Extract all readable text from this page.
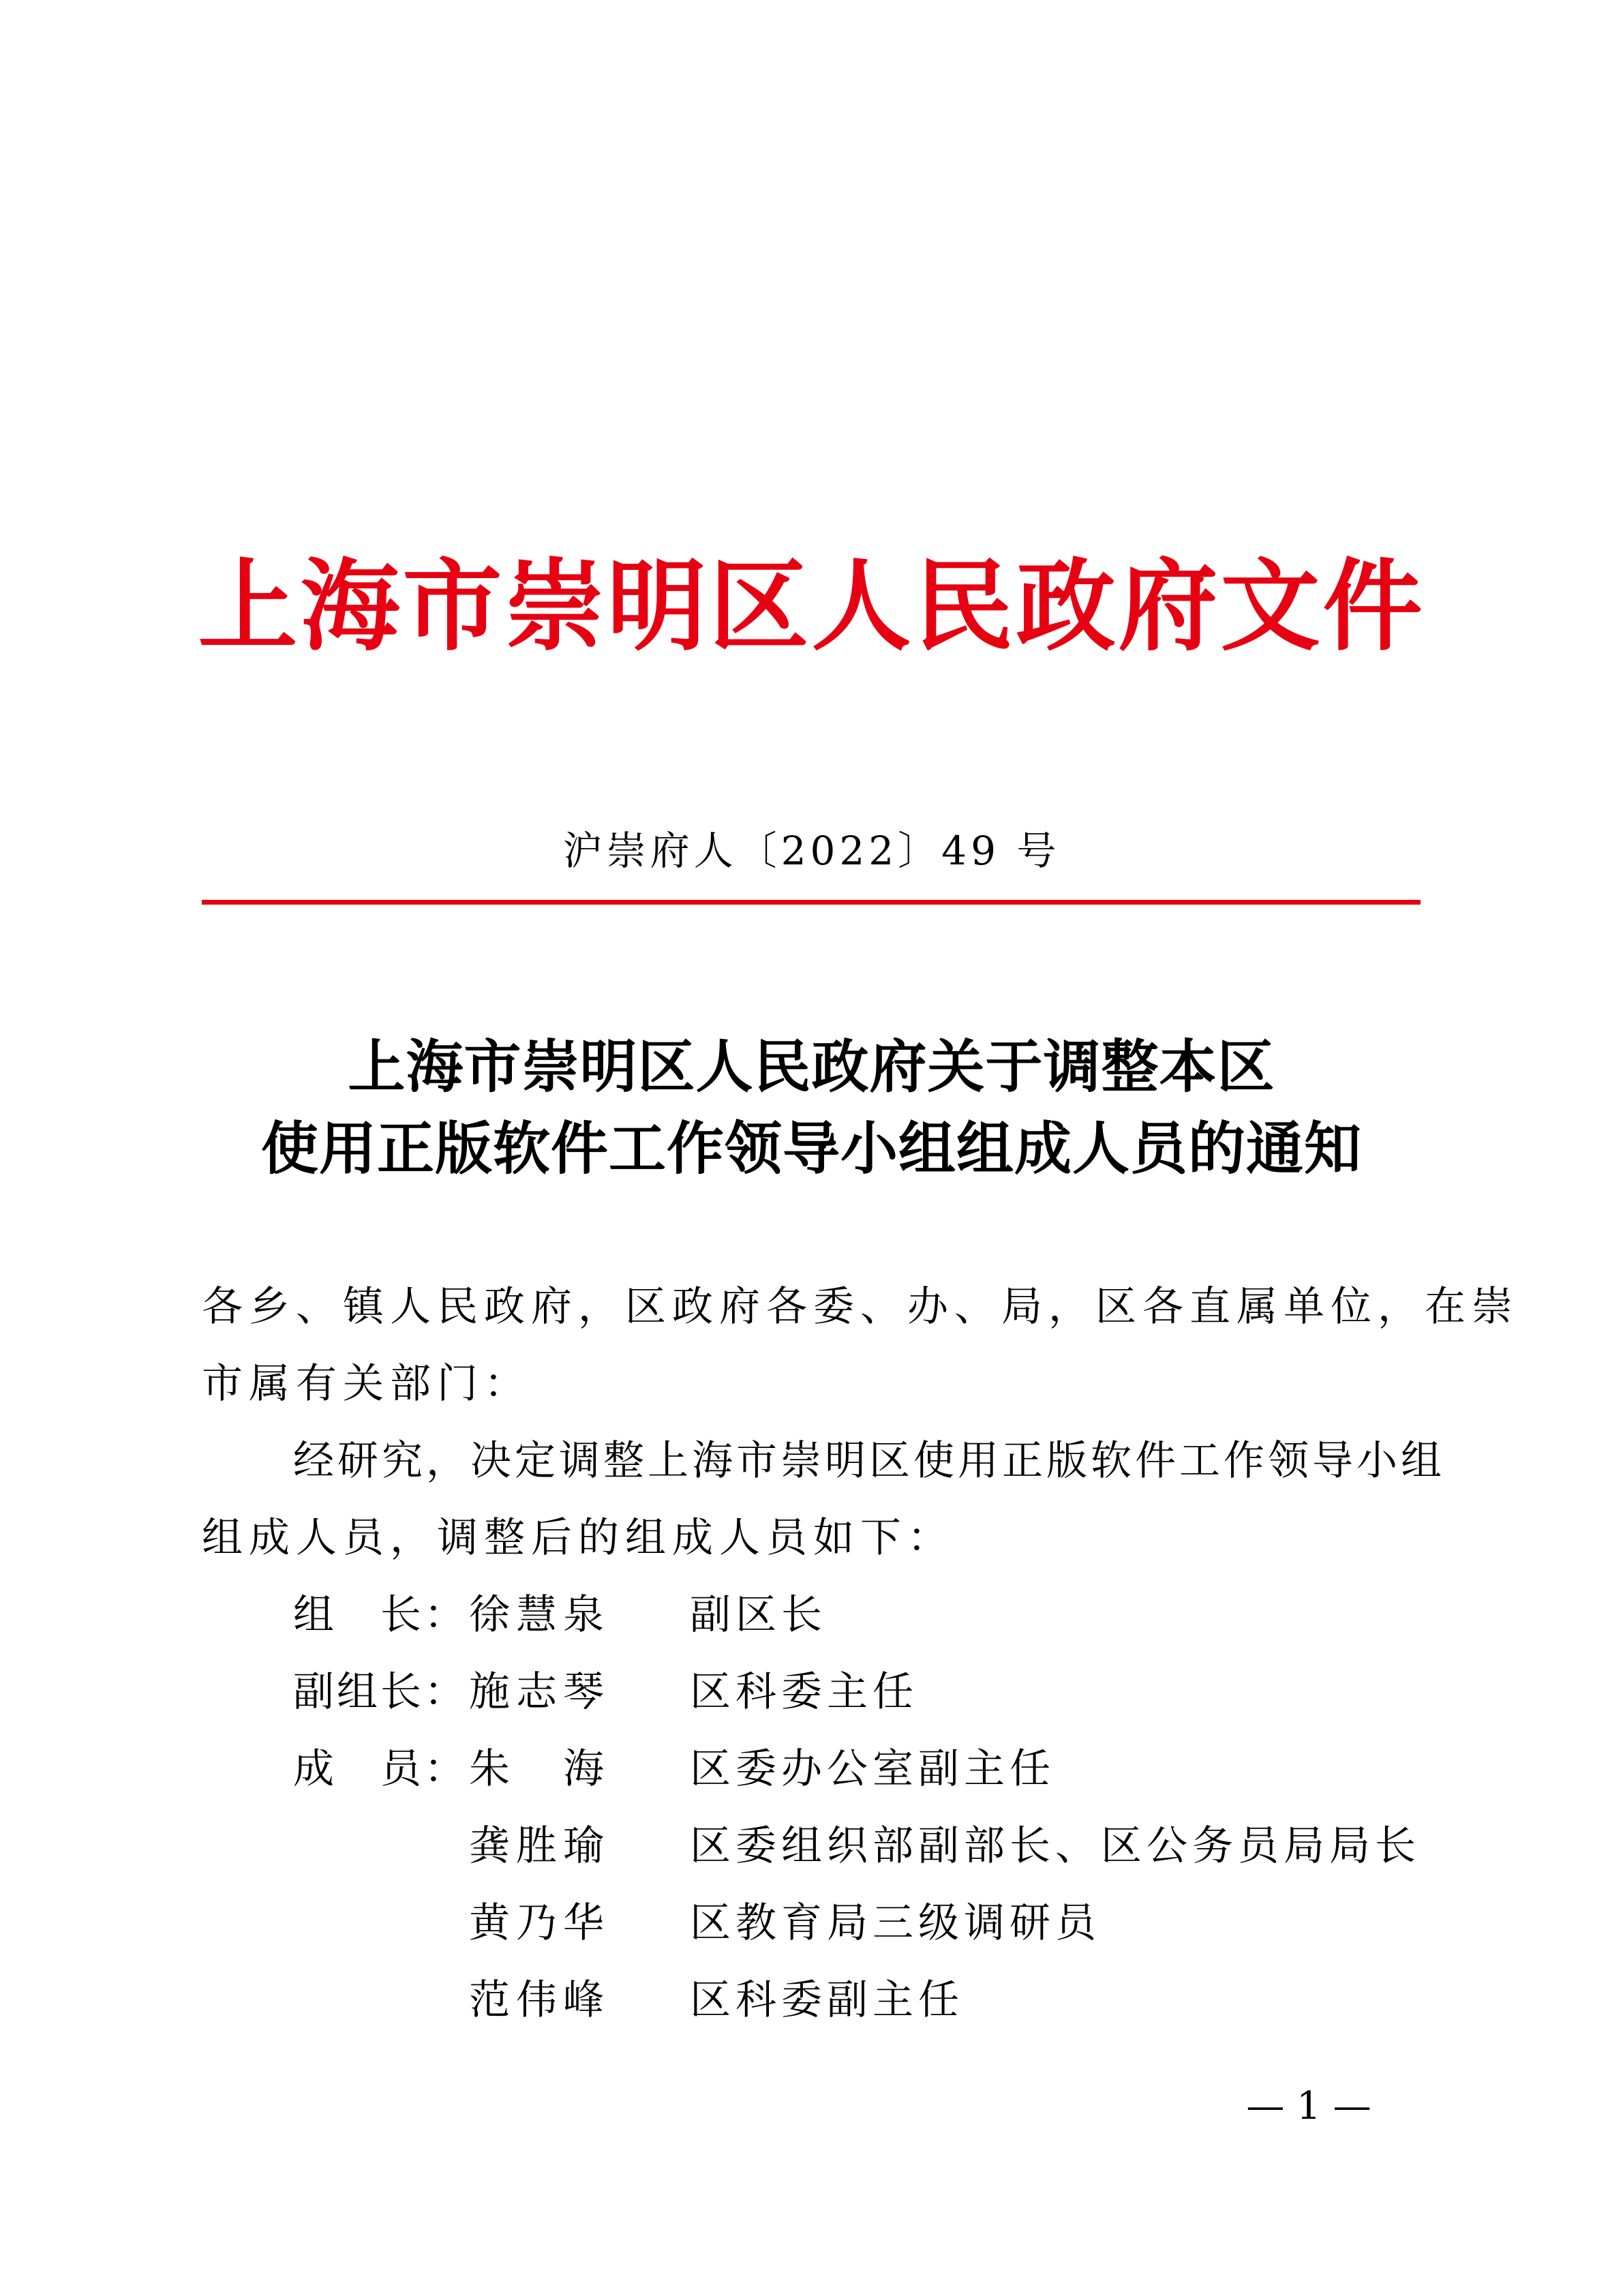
上海市崇明区人民政府文件
沪崇府人〔2022〕49 号
上海市崇明区人民政府关于调整本区
使用正版软件工作领导小组组成人员的通知
各乡、镇人民政府，区政府各委、办、局，区各直属单位，在崇
市属有关部门：
经研究，决定调整上海市崇明区使用正版软件工作领导小组
组成人员，调整后的组成人员如下：
组　长： 徐慧泉	副区长
副组长： 施志琴	区科委主任
成　员： 朱　海	区委办公室副主任
龚胜瑜	区委组织部副部长、区公务员局局长
黄乃华	区教育局三级调研员
范伟峰	区科委副主任
— 1 —
